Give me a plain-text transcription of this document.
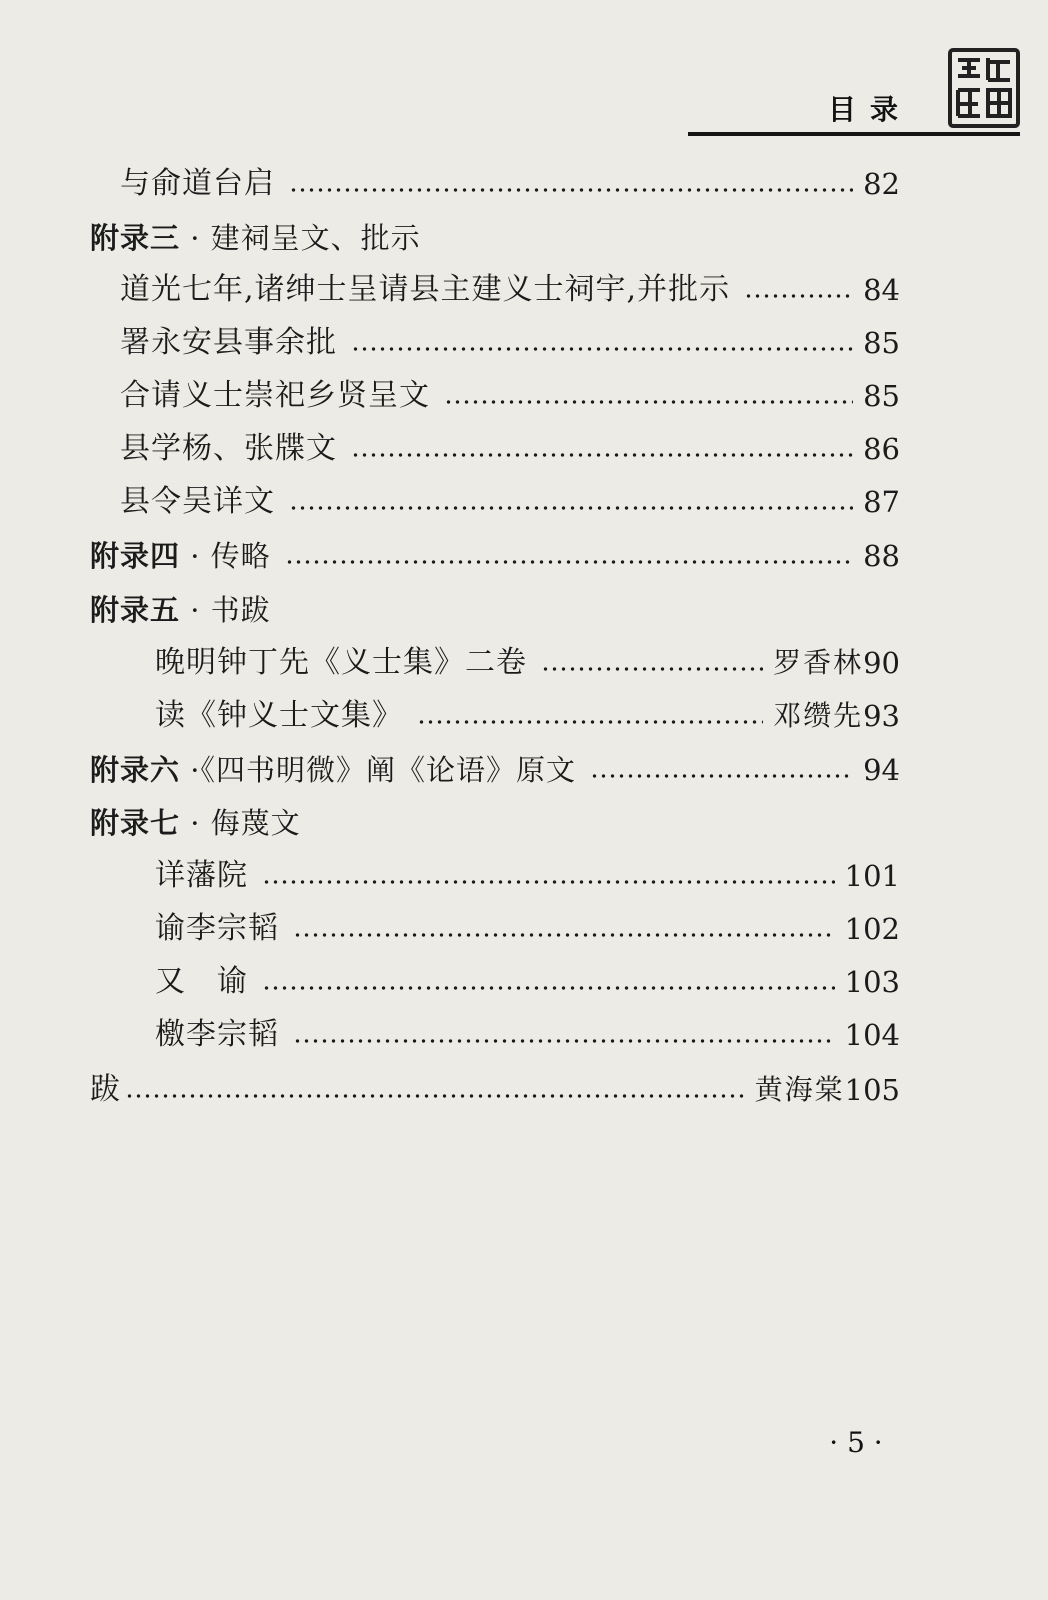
目录
与俞道台启	82
附录三 · 建祠呈文、批示
道光七年,诸绅士呈请县主建义士祠宇,并批示	84
署永安县事余批	85
合请义士崇祀乡贤呈文	85
县学杨、张牒文	86
县令吴详文	87
附录四 · 传略	88
附录五 · 书跋
晚明钟丁先《义士集》二卷	罗香林 90
读《钟义士文集》	邓缵先 93
附录六 ·《四书明微》阐《论语》原文	94
附录七 · 侮蔑文
详藩院	101
谕李宗韬	102
又　谕	103
檄李宗韬	104
跋	黄海棠 105
· 5 ·
